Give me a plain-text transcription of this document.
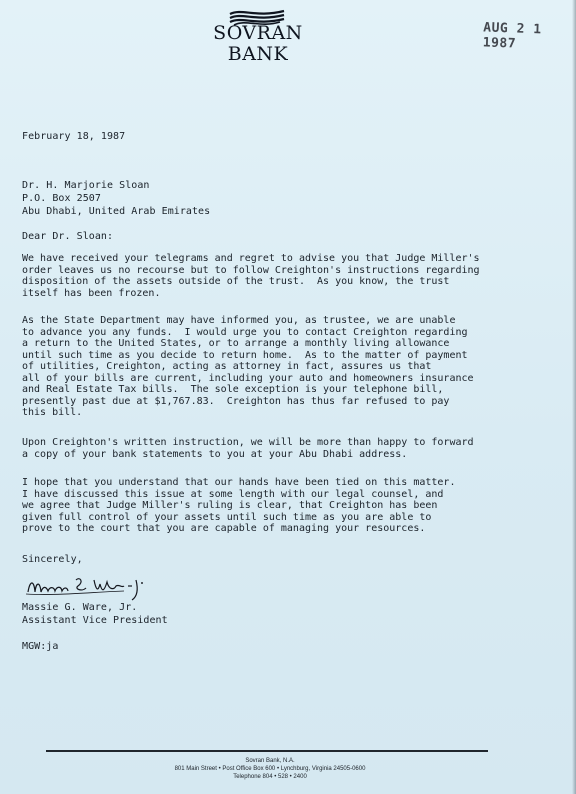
SOVRAN
BANK
AUG 2 1 1987
February 18, 1987
Dr. H. Marjorie Sloan
P.O. Box 2507
Abu Dhabi, United Arab Emirates
Dear Dr. Sloan:
We have received your telegrams and regret to advise you that Judge Miller's
order leaves us no recourse but to follow Creighton's instructions regarding
disposition of the assets outside of the trust.  As you know, the trust
itself has been frozen.
As the State Department may have informed you, as trustee, we are unable
to advance you any funds.  I would urge you to contact Creighton regarding
a return to the United States, or to arrange a monthly living allowance
until such time as you decide to return home.  As to the matter of payment
of utilities, Creighton, acting as attorney in fact, assures us that
all of your bills are current, including your auto and homeowners insurance
and Real Estate Tax bills.  The sole exception is your telephone bill,
presently past due at $1,767.83.  Creighton has thus far refused to pay
this bill.
Upon Creighton's written instruction, we will be more than happy to forward
a copy of your bank statements to you at your Abu Dhabi address.
I hope that you understand that our hands have been tied on this matter.
I have discussed this issue at some length with our legal counsel, and
we agree that Judge Miller's ruling is clear, that Creighton has been
given full control of your assets until such time as you are able to
prove to the court that you are capable of managing your resources.
Sincerely,
Massie G. Ware, Jr.
Assistant Vice President
MGW:ja
Sovran Bank, N.A.
801 Main Street • Post Office Box 600 • Lynchburg, Virginia 24505-0600
Telephone 804 • 528 • 2400
